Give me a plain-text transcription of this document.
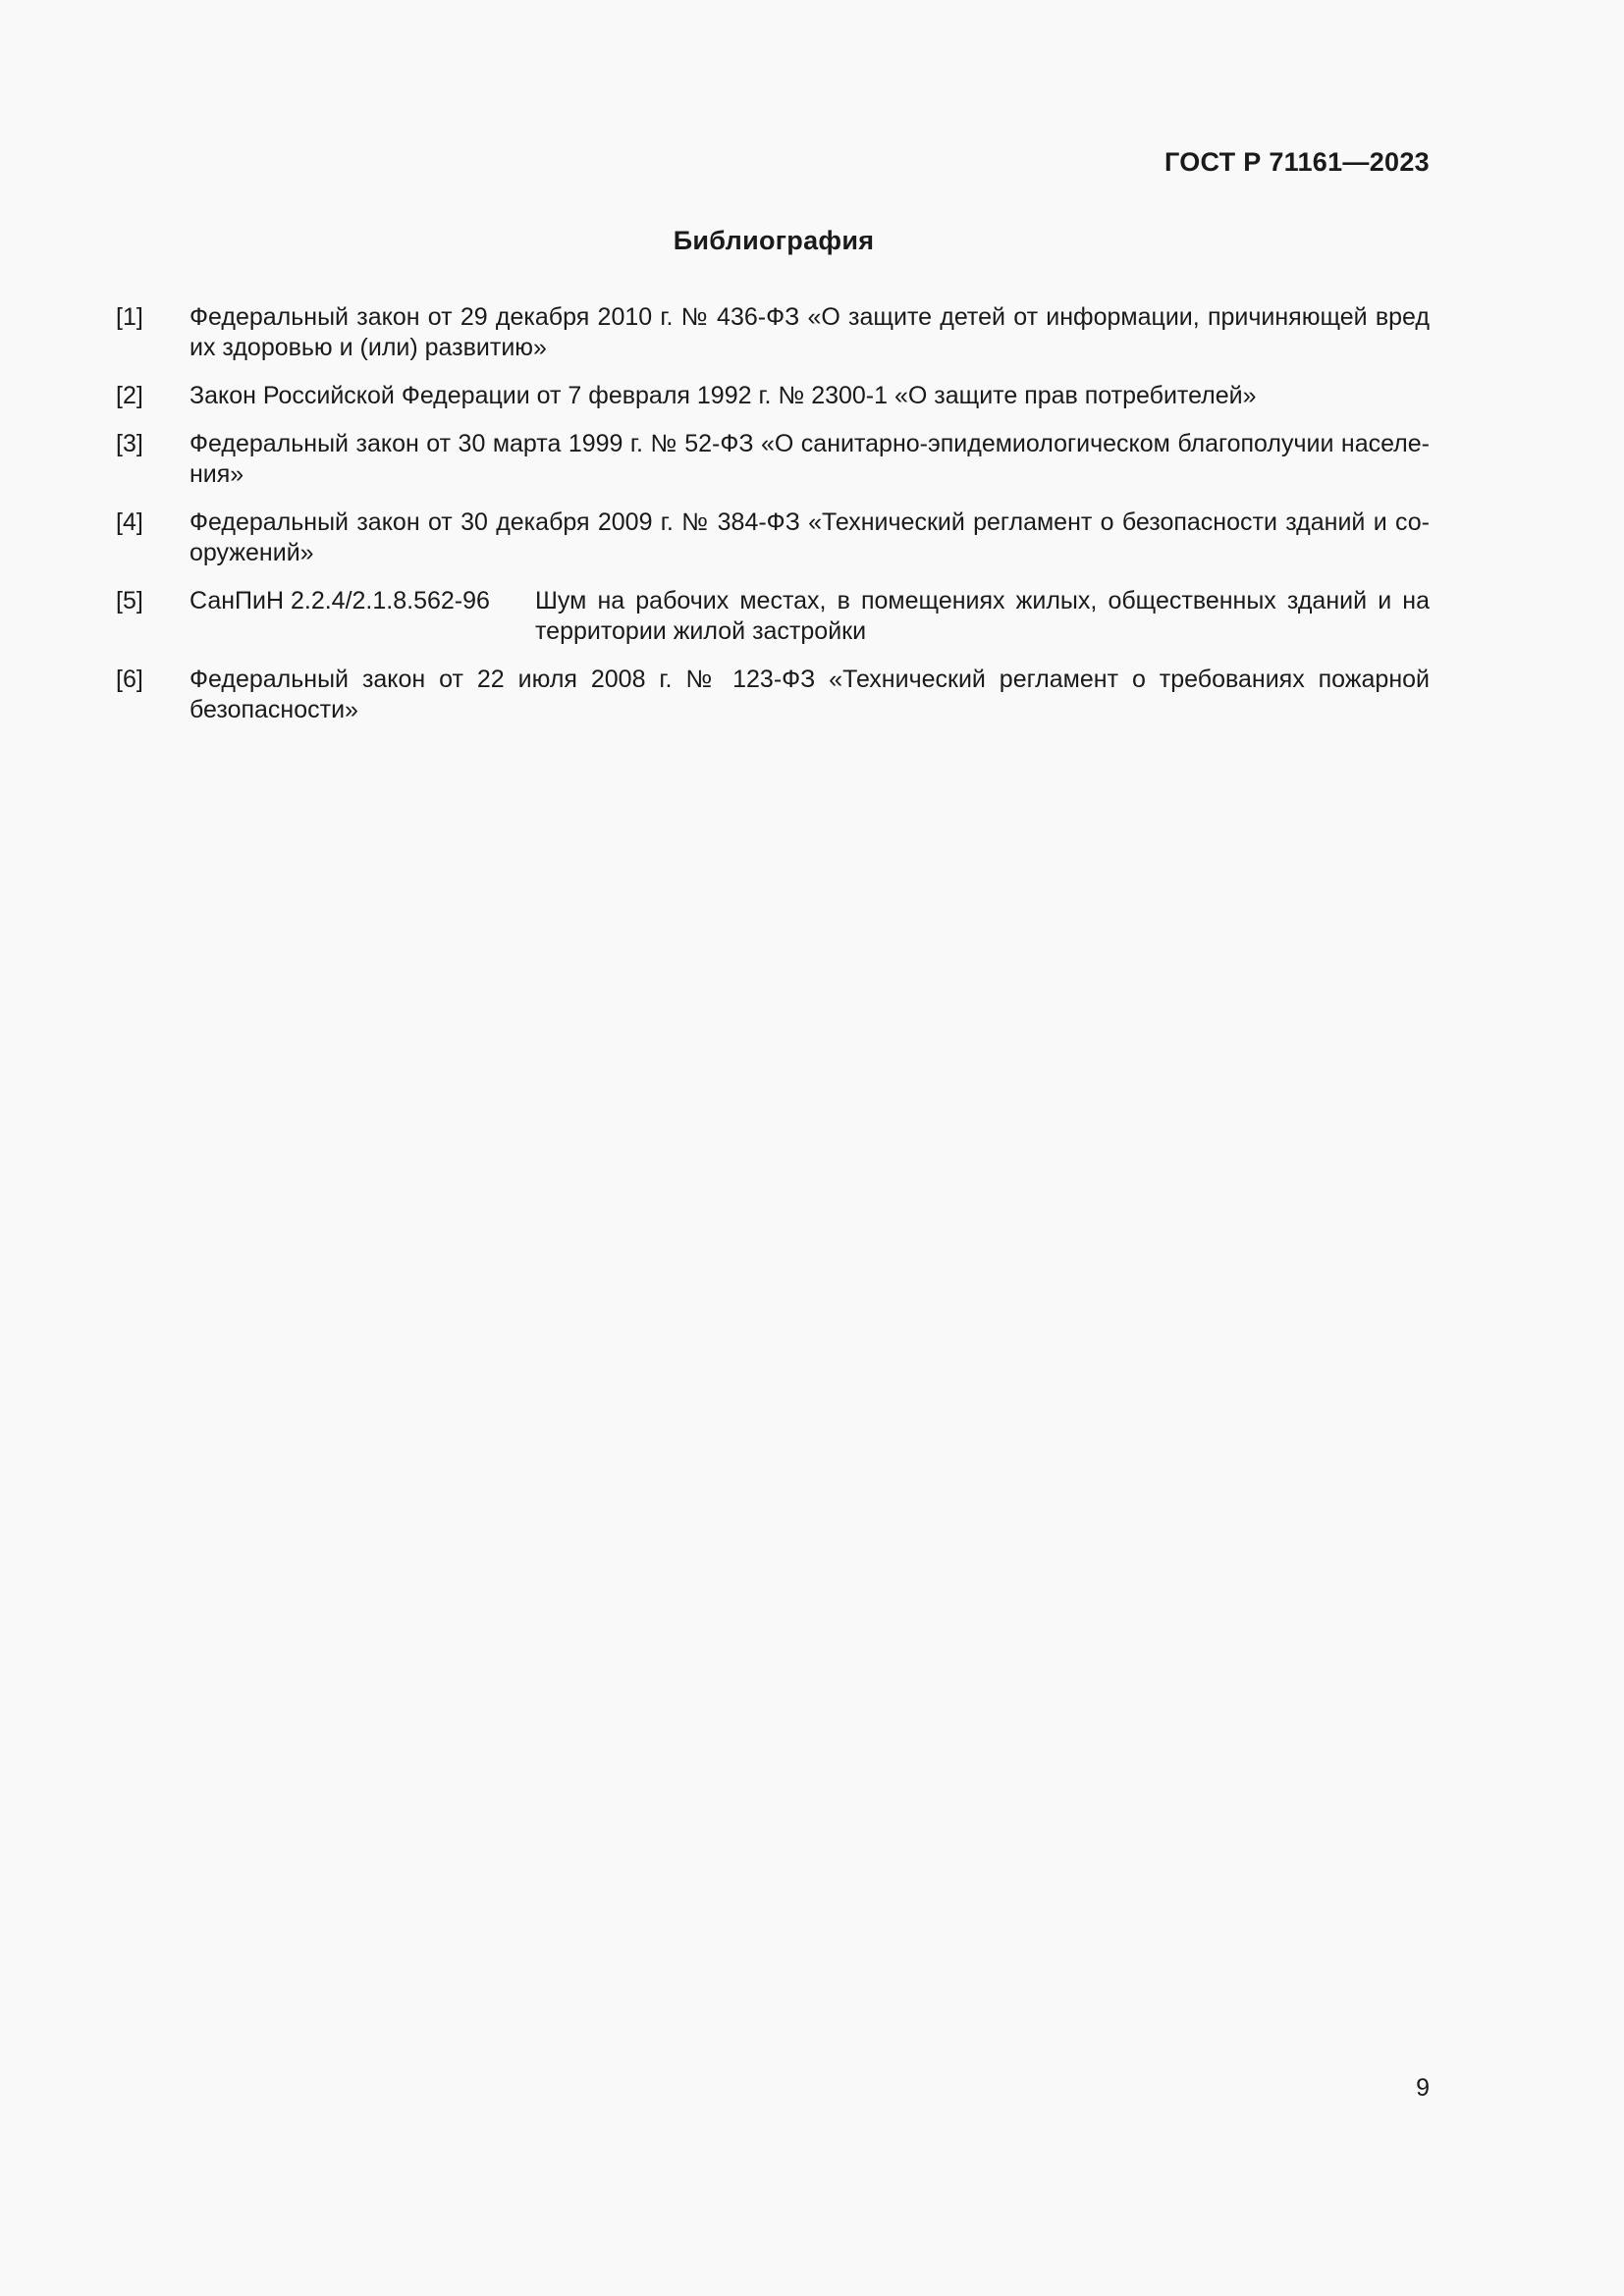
ГОСТ Р 71161—2023
Библиография
[1] Федеральный закон от 29 декабря 2010 г. № 436-ФЗ «О защите детей от информации, причиняющей вред их здоровью и (или) развитию»
[2] Закон Российской Федерации от 7 февраля 1992 г. № 2300-1 «О защите прав потребителей»
[3] Федеральный закон от 30 марта 1999 г. № 52-ФЗ «О санитарно-эпидемиологическом благополучии населения»
[4] Федеральный закон от 30 декабря 2009 г. № 384-ФЗ «Технический регламент о безопасности зданий и сооружений»
[5] СанПиН 2.2.4/2.1.8.562-96 Шум на рабочих местах, в помещениях жилых, общественных зданий и на территории жилой застройки
[6] Федеральный закон от 22 июля 2008 г. № 123-ФЗ «Технический регламент о требованиях пожарной безопасности»
9
